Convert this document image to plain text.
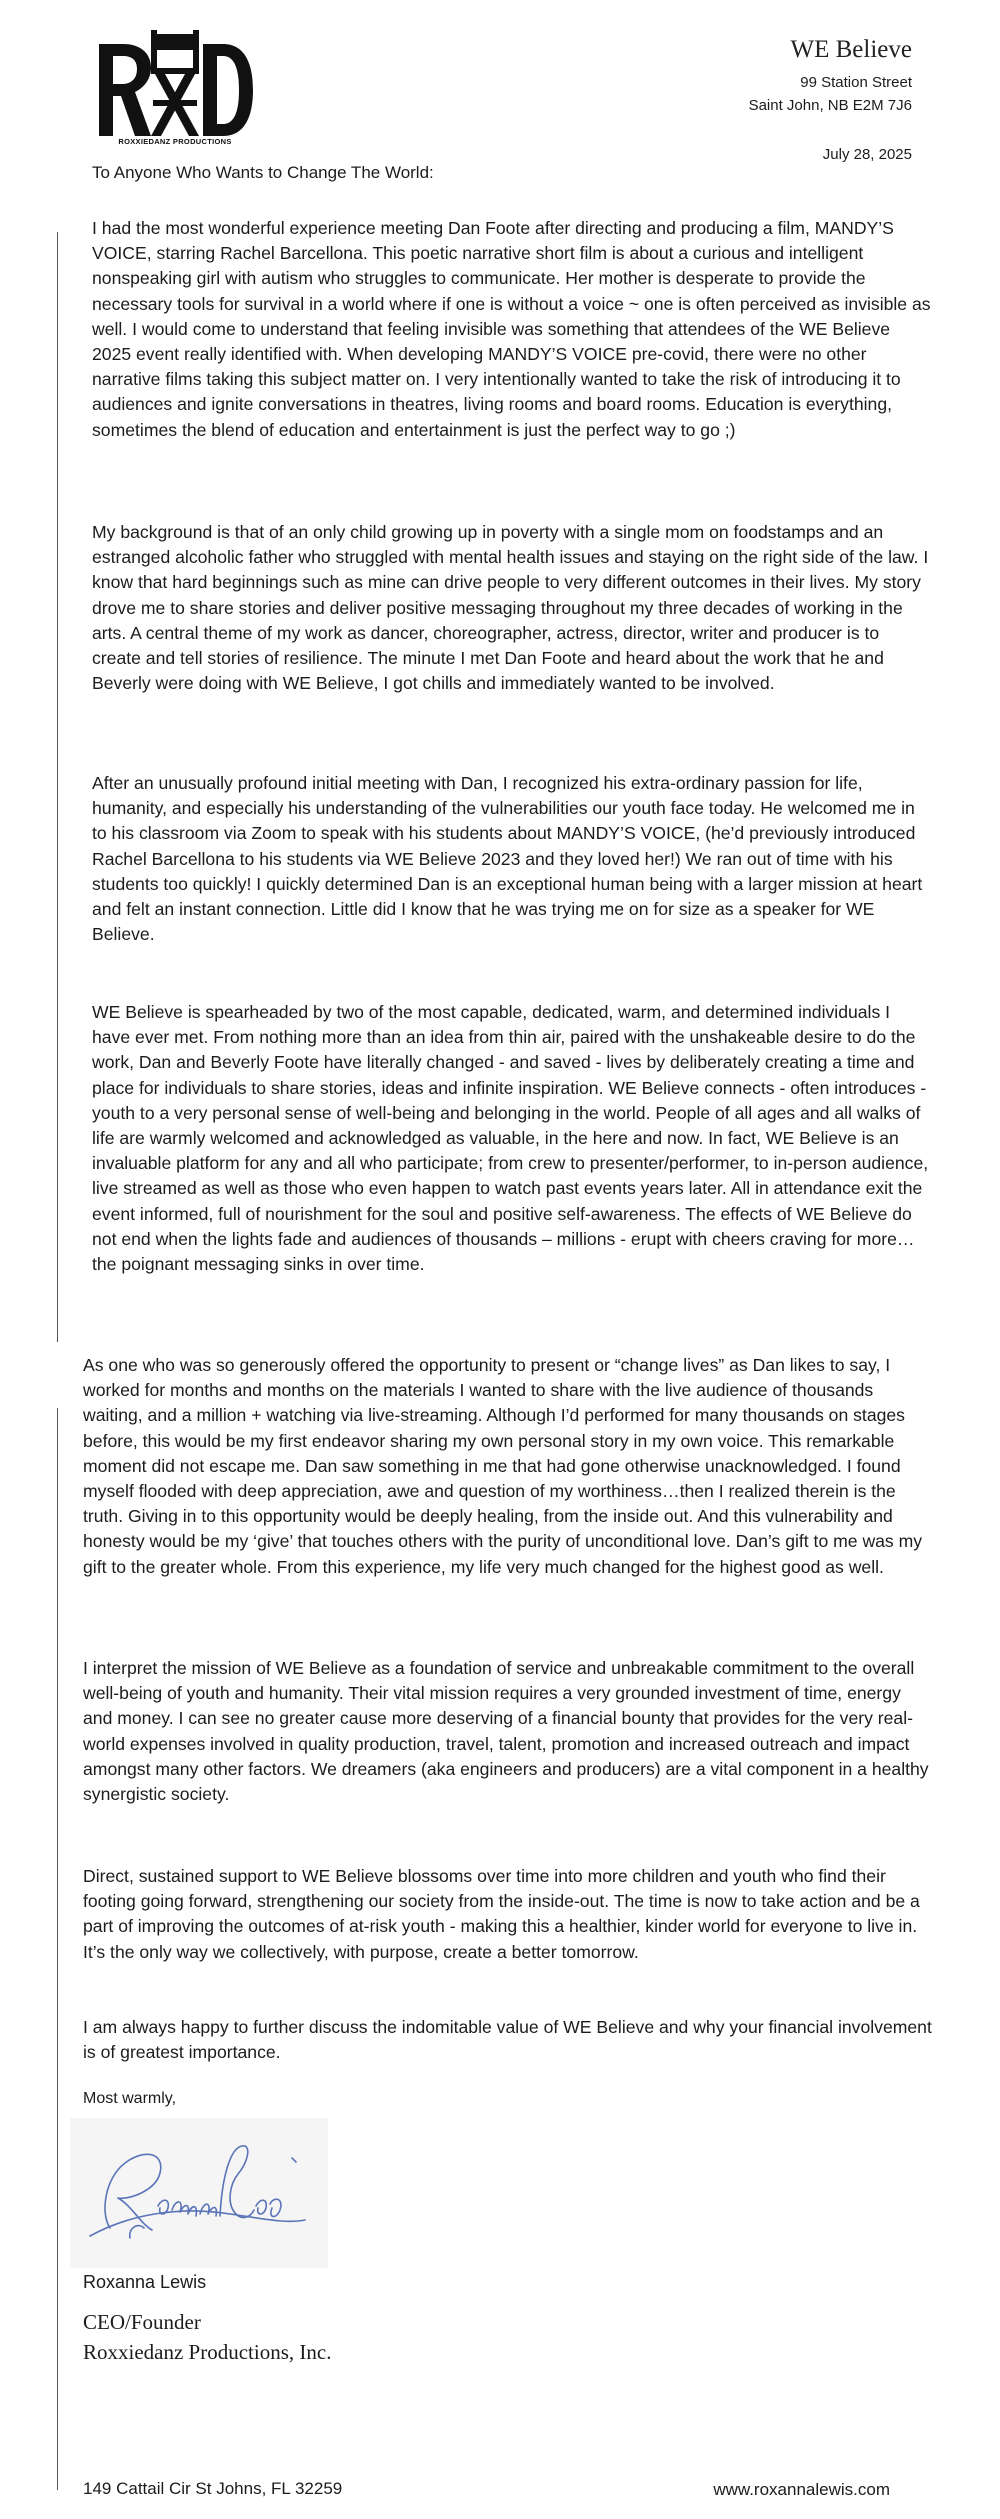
ROXXIEDANZ PRODUCTIONS
WE Believe
99 Station Street
Saint John, NB E2M 7J6
July 28, 2025
To Anyone Who Wants to Change The World:

I had the most wonderful experience meeting Dan Foote after directing and producing a film, MANDY’S VOICE, starring Rachel Barcellona. This poetic narrative short film is about a curious and intelligent nonspeaking girl with autism who struggles to communicate. Her mother is desperate to provide the necessary tools for survival in a world where if one is without a voice ~ one is often perceived as invisible as well. I would come to understand that feeling invisible was something that attendees of the WE Believe 2025 event really identified with. When developing MANDY’S VOICE pre-covid, there were no other narrative films taking this subject matter on. I very intentionally wanted to take the risk of introducing it to audiences and ignite conversations in theatres, living rooms and board rooms. Education is everything, sometimes the blend of education and entertainment is just the perfect way to go ;)

My background is that of an only child growing up in poverty with a single mom on foodstamps and an estranged alcoholic father who struggled with mental health issues and staying on the right side of the law. I know that hard beginnings such as mine can drive people to very different outcomes in their lives. My story drove me to share stories and deliver positive messaging throughout my three decades of working in the arts. A central theme of my work as dancer, choreographer, actress, director, writer and producer is to create and tell stories of resilience. The minute I met Dan Foote and heard about the work that he and Beverly were doing with WE Believe, I got chills and immediately wanted to be involved.

After an unusually profound initial meeting with Dan, I recognized his extra-ordinary passion for life, humanity, and especially his understanding of the vulnerabilities our youth face today. He welcomed me in to his classroom via Zoom to speak with his students about MANDY’S VOICE, (he’d previously introduced Rachel Barcellona to his students via WE Believe 2023 and they loved her!) We ran out of time with his students too quickly! I quickly determined Dan is an exceptional human being with a larger mission at heart and felt an instant connection. Little did I know that he was trying me on for size as a speaker for WE Believe.

WE Believe is spearheaded by two of the most capable, dedicated, warm, and determined individuals I have ever met. From nothing more than an idea from thin air, paired with the unshakeable desire to do the work, Dan and Beverly Foote have literally changed - and saved - lives by deliberately creating a time and place for individuals to share stories, ideas and infinite inspiration. WE Believe connects - often introduces - youth to a very personal sense of well-being and belonging in the world. People of all ages and all walks of life are warmly welcomed and acknowledged as valuable, in the here and now. In fact, WE Believe is an invaluable platform for any and all who participate; from crew to presenter/performer, to in-person audience, live streamed as well as those who even happen to watch past events years later. All in attendance exit the event informed, full of nourishment for the soul and positive self-awareness. The effects of WE Believe do not end when the lights fade and audiences of thousands – millions - erupt with cheers craving for more…the poignant messaging sinks in over time.

As one who was so generously offered the opportunity to present or “change lives” as Dan likes to say, I worked for months and months on the materials I wanted to share with the live audience of thousands waiting, and a million + watching via live-streaming. Although I’d performed for many thousands on stages before, this would be my first endeavor sharing my own personal story in my own voice. This remarkable moment did not escape me. Dan saw something in me that had gone otherwise unacknowledged. I found myself flooded with deep appreciation, awe and question of my worthiness…then I realized therein is the truth. Giving in to this opportunity would be deeply healing, from the inside out. And this vulnerability and honesty would be my ‘give’ that touches others with the purity of unconditional love. Dan’s gift to me was my gift to the greater whole. From this experience, my life very much changed for the highest good as well.

I interpret the mission of WE Believe as a foundation of service and unbreakable commitment to the overall well-being of youth and humanity. Their vital mission requires a very grounded investment of time, energy and money. I can see no greater cause more deserving of a financial bounty that provides for the very real-world expenses involved in quality production, travel, talent, promotion and increased outreach and impact amongst many other factors. We dreamers (aka engineers and producers) are a vital component in a healthy synergistic society.

Direct, sustained support to WE Believe blossoms over time into more children and youth who find their footing going forward, strengthening our society from the inside-out. The time is now to take action and be a part of improving the outcomes of at-risk youth - making this a healthier, kinder world for everyone to live in. It’s the only way we collectively, with purpose, create a better tomorrow.

I am always happy to further discuss the indomitable value of WE Believe and why your financial involvement is of greatest importance.

Most warmly,
Roxanna Lewis
CEO/Founder
Roxxiedanz Productions, Inc.
149 Cattail Cir St Johns, FL 32259	www.roxannalewis.com
